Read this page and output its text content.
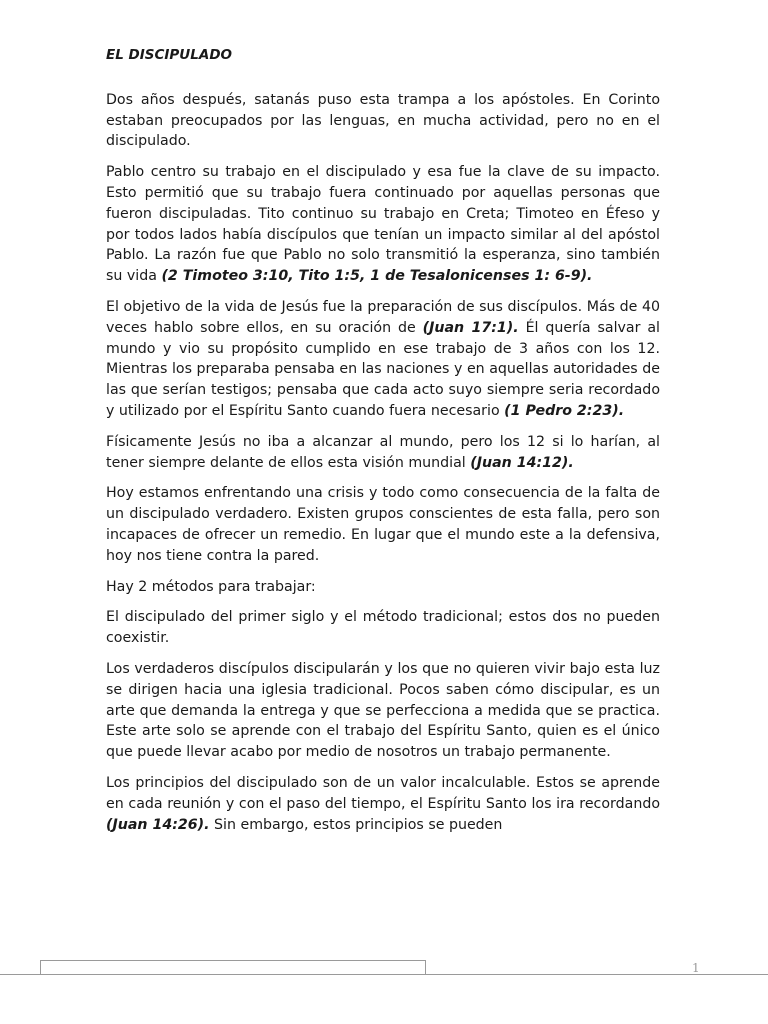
EL DISCIPULADO

Dos años después, satanás puso esta trampa a los apóstoles. En Corinto estaban preocupados por las lenguas, en mucha actividad, pero no en el discipulado.

Pablo centro su trabajo en el discipulado y esa fue la clave de su impacto. Esto permitió que su trabajo fuera continuado por aquellas personas que fueron discipuladas. Tito continuo su trabajo en Creta; Timoteo en Éfeso y por todos lados había discípulos que tenían un impacto similar al del apóstol Pablo. La razón fue que Pablo no solo transmitió la esperanza, sino también su vida (2 Timoteo 3:10, Tito 1:5, 1 de Tesalonicenses 1: 6-9).

El objetivo de la vida de Jesús fue la preparación de sus discípulos. Más de 40 veces hablo sobre ellos, en su oración de (Juan 17:1). Él quería salvar al mundo y vio su propósito cumplido en ese trabajo de 3 años con los 12. Mientras los preparaba pensaba en las naciones y en aquellas autoridades de las que serían testigos; pensaba que cada acto suyo siempre seria recordado y utilizado por el Espíritu Santo cuando fuera necesario (1 Pedro 2:23).

Físicamente Jesús no iba a alcanzar al mundo, pero los 12 si lo harían, al tener siempre delante de ellos esta visión mundial (Juan 14:12).

Hoy estamos enfrentando una crisis y todo como consecuencia de la falta de un discipulado verdadero. Existen grupos conscientes de esta falla, pero son incapaces de ofrecer un remedio. En lugar que el mundo este a la defensiva, hoy nos tiene contra la pared.

Hay 2 métodos para trabajar:

El discipulado del primer siglo y el método tradicional; estos dos no pueden coexistir.

Los verdaderos discípulos discipularán y los que no quieren vivir bajo esta luz se dirigen hacia una iglesia tradicional. Pocos saben cómo discipular, es un arte que demanda la entrega y que se perfecciona a medida que se practica. Este arte solo se aprende con el trabajo del Espíritu Santo, quien es el único que puede llevar acabo por medio de nosotros un trabajo permanente.

Los principios del discipulado son de un valor incalculable. Estos se aprende en cada reunión y con el paso del tiempo, el Espíritu Santo los ira recordando (Juan 14:26). Sin embargo, estos principios se pueden

1
